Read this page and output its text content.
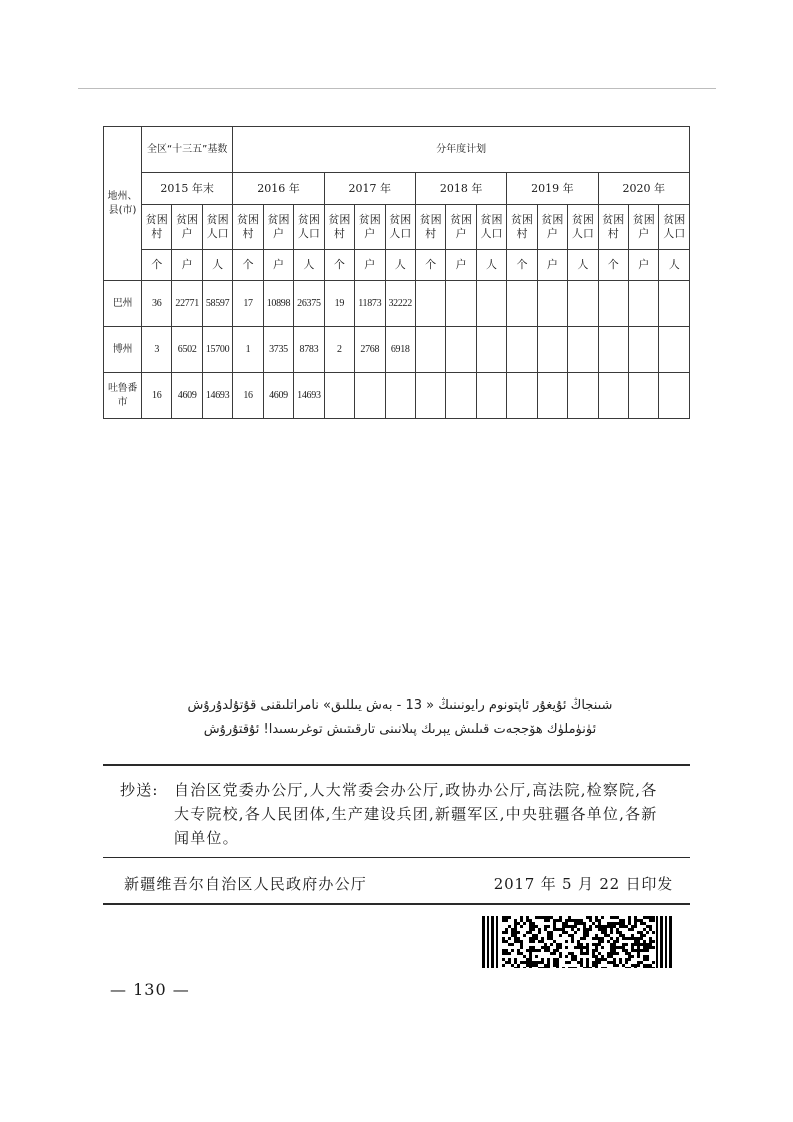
地州、县(市)	全区“十三五”基数			分年度计划														
	2015 年末			2016 年			2017 年			2018 年			2019 年			2020 年		
	贫困村	贫困户	贫困人口	贫困村	贫困户	贫困人口	贫困村	贫困户	贫困人口	贫困村	贫困户	贫困人口	贫困村	贫困户	贫困人口	贫困村	贫困户	贫困人口
	个	户	人	个	户	人	个	户	人	个	户	人	个	户	人	个	户	人
巴州	36	22771	58597	17	10898	26375	19	11873	32222									
博州	3	6502	15700	1	3735	8783	2	2768	6918									
吐鲁番市	16	4609	14693	16	4609	14693												
شىنجاڭ ئۇيغۇر ئاپتونوم رايونىنىڭ « 13 - بەش يىللىق» نامراتلىقنى قۇتۇلدۇرۇش
ئۈنۈملۈك ھۆججەت قىلىش يېرىك پىلانىنى تارقىتىش توغرىسىدا! ئۇقتۇرۇش
抄送: 自治区党委办公厅,人大常委会办公厅,政协办公厅,高法院,检察院,各大专院校,各人民团体,生产建设兵团,新疆军区,中央驻疆各单位,各新闻单位。
新疆维吾尔自治区人民政府办公厅	2017 年 5 月 22 日印发
— 130 —
